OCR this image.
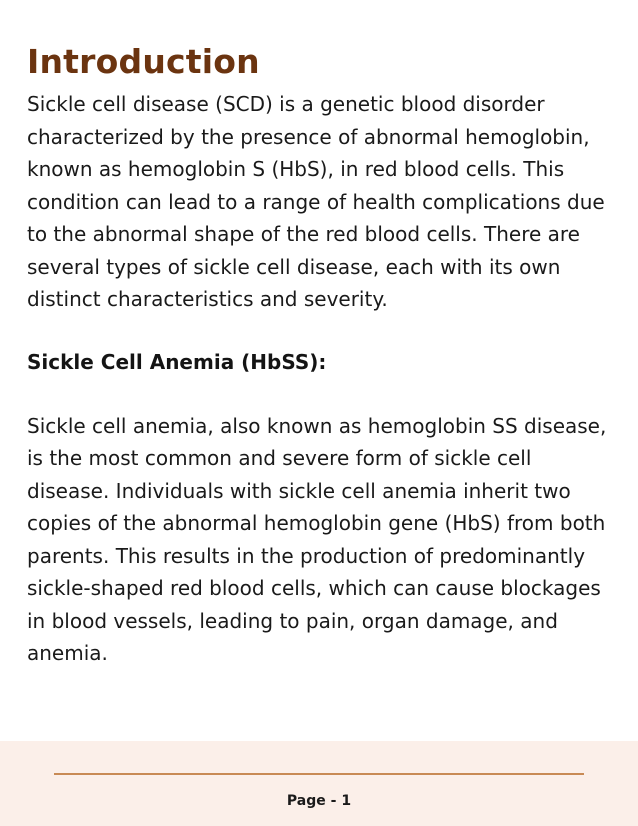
Introduction

Sickle cell disease (SCD) is a genetic blood disorder characterized by the presence of abnormal hemoglobin, known as hemoglobin S (HbS), in red blood cells. This condition can lead to a range of health complications due to the abnormal shape of the red blood cells. There are several types of sickle cell disease, each with its own distinct characteristics and severity.

Sickle Cell Anemia (HbSS):

Sickle cell anemia, also known as hemoglobin SS disease, is the most common and severe form of sickle cell disease. Individuals with sickle cell anemia inherit two copies of the abnormal hemoglobin gene (HbS) from both parents. This results in the production of predominantly sickle-shaped red blood cells, which can cause blockages in blood vessels, leading to pain, organ damage, and anemia.

Page - 1
